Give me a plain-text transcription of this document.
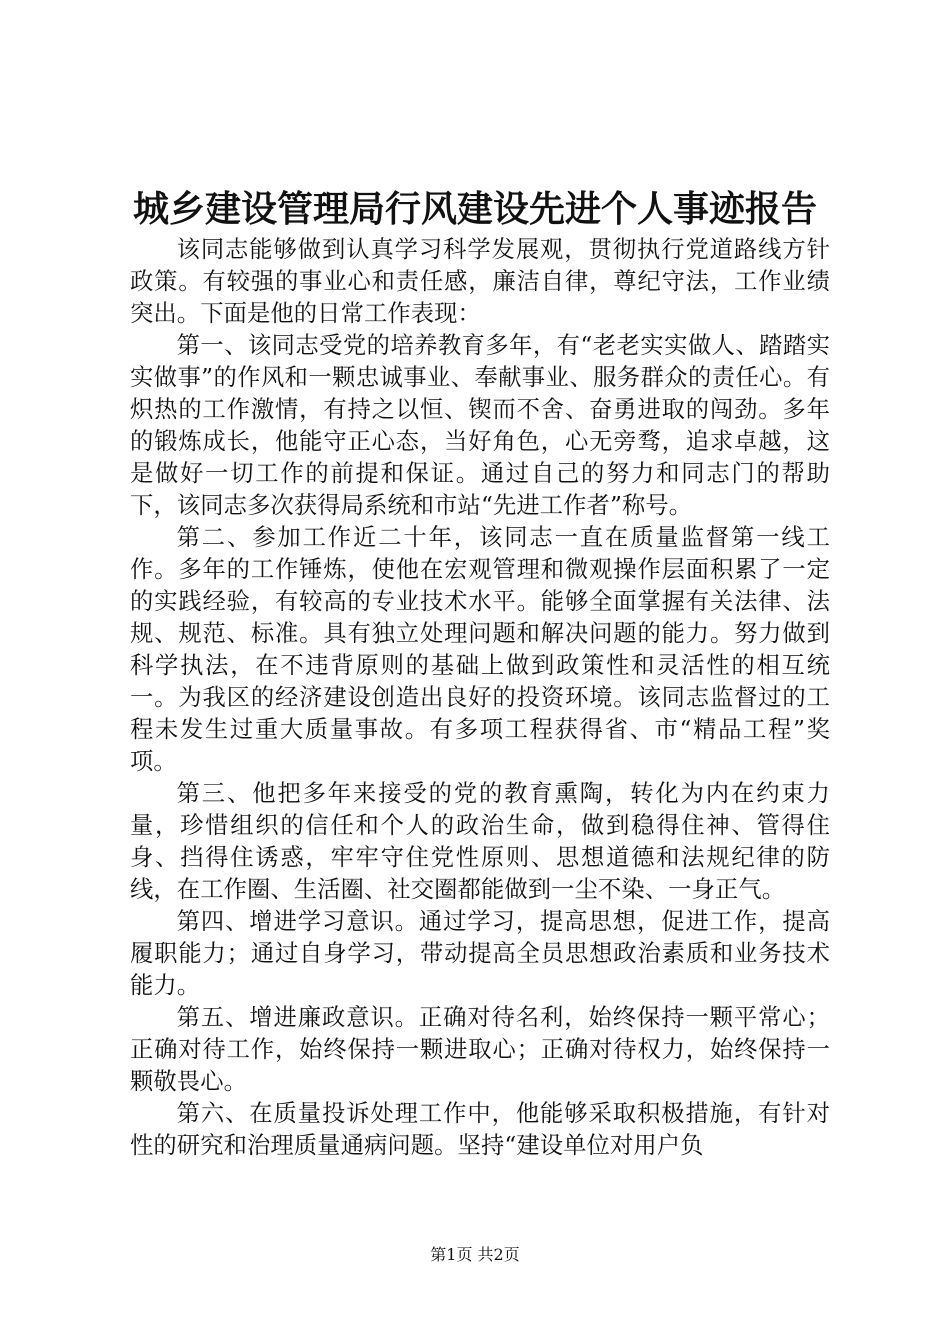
城乡建设管理局行风建设先进个人事迹报告

该同志能够做到认真学习科学发展观，贯彻执行党道路线方针政策。有较强的事业心和责任感，廉洁自律，尊纪守法，工作业绩突出。下面是他的日常工作表现：

第一、该同志受党的培养教育多年，有“老老实实做人、踏踏实实做事”的作风和一颗忠诚事业、奉献事业、服务群众的责任心。有炽热的工作激情，有持之以恒、锲而不舍、奋勇进取的闯劲。多年的锻炼成长，他能守正心态，当好角色，心无旁骛，追求卓越，这是做好一切工作的前提和保证。通过自己的努力和同志门的帮助下，该同志多次获得局系统和市站“先进工作者”称号。

第二、参加工作近二十年，该同志一直在质量监督第一线工作。多年的工作锤炼，使他在宏观管理和微观操作层面积累了一定的实践经验，有较高的专业技术水平。能够全面掌握有关法律、法规、规范、标准。具有独立处理问题和解决问题的能力。努力做到科学执法，在不违背原则的基础上做到政策性和灵活性的相互统一。为我区的经济建设创造出良好的投资环境。该同志监督过的工程未发生过重大质量事故。有多项工程获得省、市“精品工程”奖项。

第三、他把多年来接受的党的教育熏陶，转化为内在约束力量，珍惜组织的信任和个人的政治生命，做到稳得住神、管得住身、挡得住诱惑，牢牢守住党性原则、思想道德和法规纪律的防线，在工作圈、生活圈、社交圈都能做到一尘不染、一身正气。

第四、增进学习意识。通过学习，提高思想，促进工作，提高履职能力；通过自身学习，带动提高全员思想政治素质和业务技术能力。

第五、增进廉政意识。正确对待名利，始终保持一颗平常心；正确对待工作，始终保持一颗进取心；正确对待权力，始终保持一颗敬畏心。

第六、在质量投诉处理工作中，他能够采取积极措施，有针对性的研究和治理质量通病问题。坚持“建设单位对用户负

第1页 共2页
